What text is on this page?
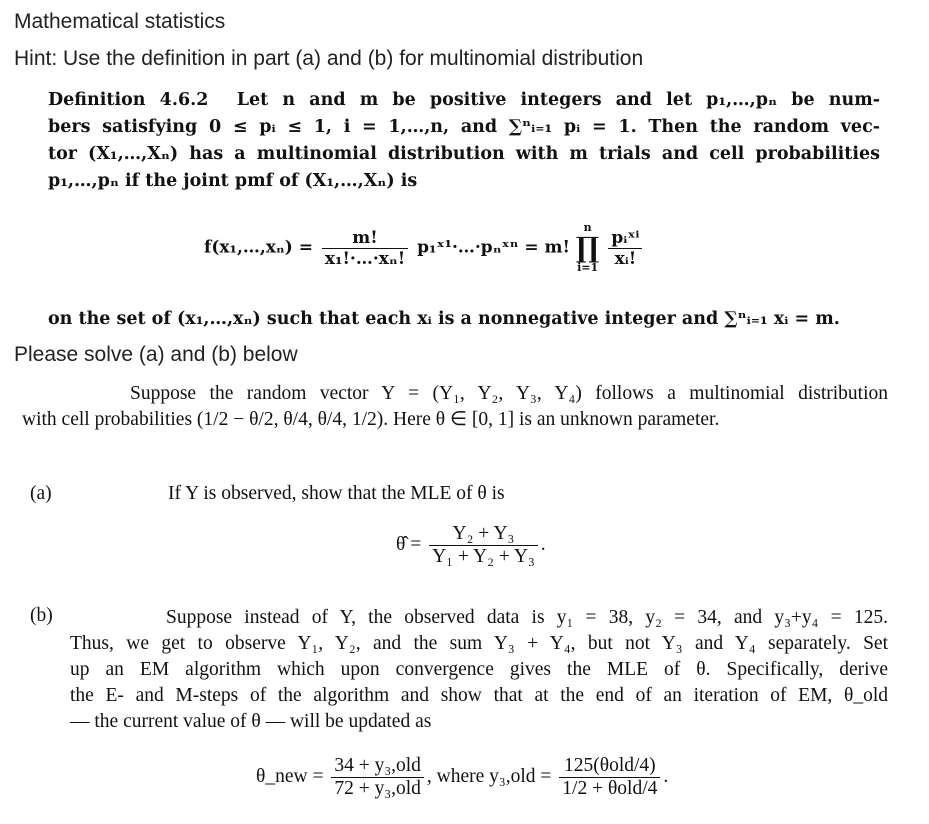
Mathematical statistics
Hint: Use the definition in part (a) and (b) for multinomial distribution

Definition 4.6.2 Let n and m be positive integers and let p₁,…,pₙ be num-

bers satisfying 0 ≤ pᵢ ≤ 1, i = 1,…,n, and ∑ⁿᵢ₌₁ pᵢ = 1. Then the random vec-

tor (X₁,…,Xₙ) has a multinomial distribution with m trials and cell probabilities

p₁,…,pₙ if the joint pmf of (X₁,…,Xₙ) is

f(x₁,…,xₙ) = $\frac{m!}{\text{x₁!·…·xₙ!}}$ p₁ˣ¹·…·pₙˣⁿ = m!
n
∏
i=1
$\frac{\text{pᵢˣⁱ}}{\text{xᵢ!}}$

on the set of (x₁,…,xₙ) such that each xᵢ is a nonnegative integer and ∑ⁿᵢ₌₁ xᵢ = m.

Please solve (a) and (b) below

Suppose the random vector Y = (Y₁, Y₂, Y₃, Y₄) follows a multinomial distribution

with cell probabilities (1/2 − θ/2, θ/4, θ/4, 1/2). Here θ ∈ [0, 1] is an unknown parameter.

(a)	If Y is observed, show that the MLE of θ is
θ̂ = $\frac{\text{Y₂ + Y₃}}{\text{Y₁ + Y₂ + Y₃}}$ .
(b)	Suppose instead of Y, the observed data is y₁ = 38, y₂ = 34, and y₃+y₄ = 125.

Thus, we get to observe Y₁, Y₂, and the sum Y₃ + Y₄, but not Y₃ and Y₄ separately. Set

up an EM algorithm which upon convergence gives the MLE of θ. Specifically, derive

the E- and M-steps of the algorithm and show that at the end of an iteration of EM, θ_old

— the current value of θ — will be updated as

θ_new = $\frac{\text{34 + y₃,old}}{\text{72 + y₃,old}}$ , where $y_3,old = \frac{\text{125(θold/4)}}{\text{1/2 + θold/4}}$ .
